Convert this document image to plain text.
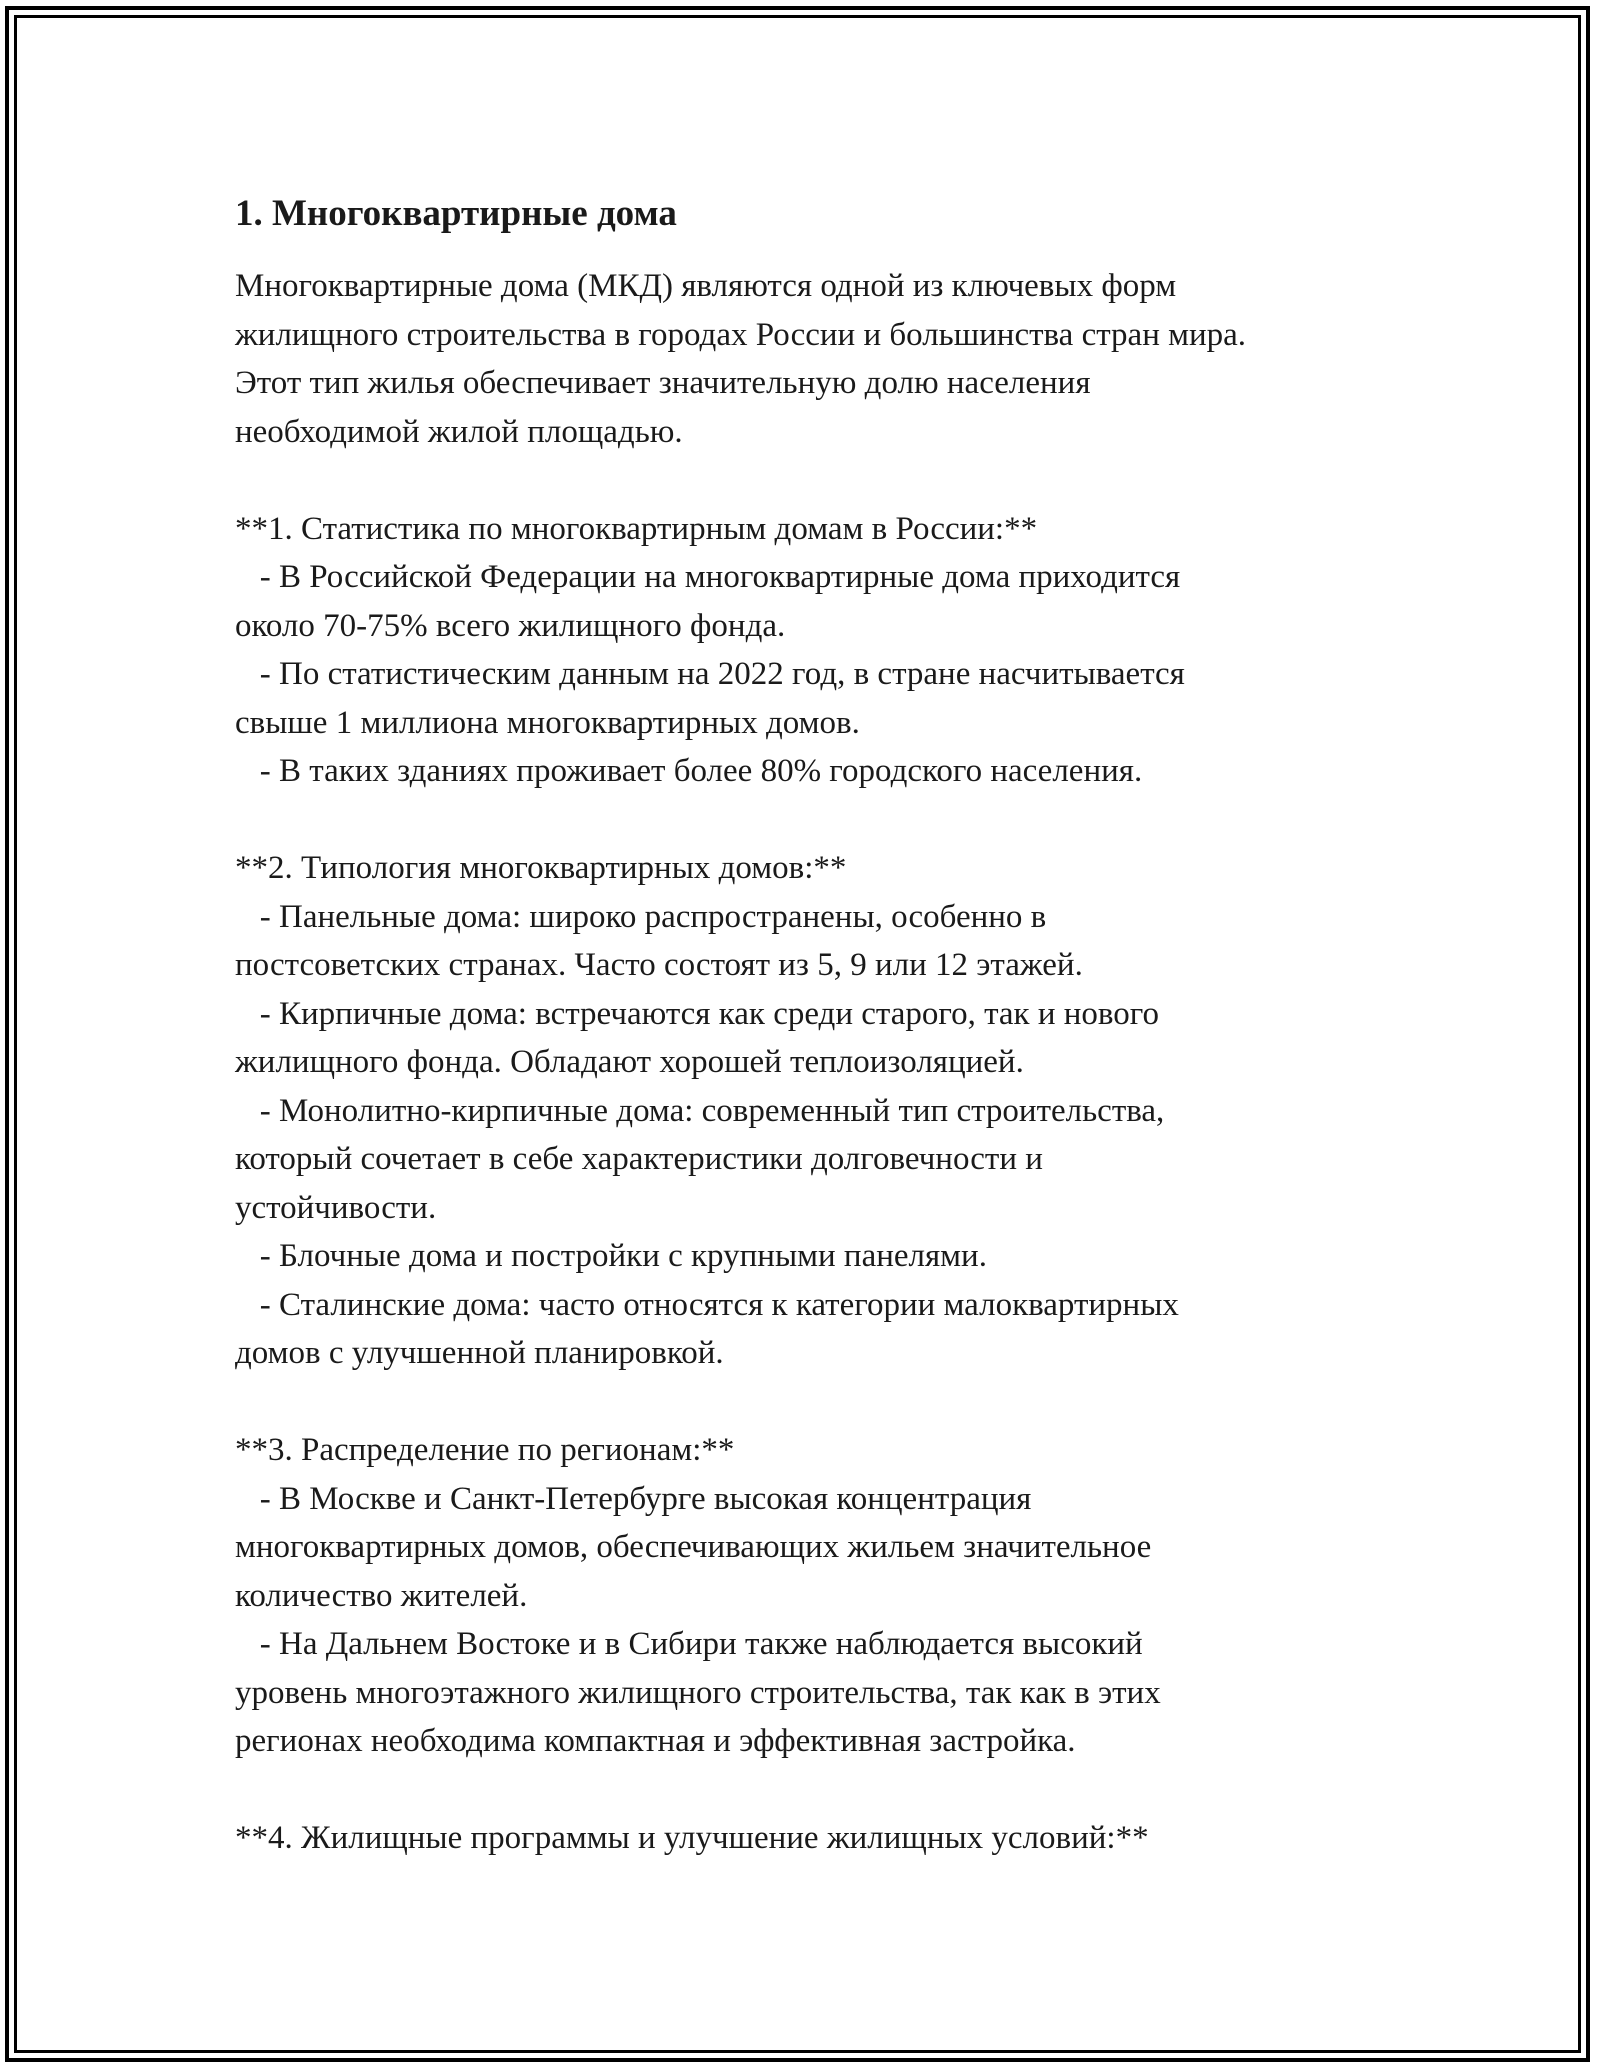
1. Многоквартирные дома
Многоквартирные дома (МКД) являются одной из ключевых форм
жилищного строительства в городах России и большинства стран мира.
Этот тип жилья обеспечивает значительную долю населения
необходимой жилой площадью.
**1. Статистика по многоквартирным домам в России:**
- В Российской Федерации на многоквартирные дома приходится
около 70-75% всего жилищного фонда.
- По статистическим данным на 2022 год, в стране насчитывается
свыше 1 миллиона многоквартирных домов.
- В таких зданиях проживает более 80% городского населения.
**2. Типология многоквартирных домов:**
- Панельные дома: широко распространены, особенно в
постсоветских странах. Часто состоят из 5, 9 или 12 этажей.
- Кирпичные дома: встречаются как среди старого, так и нового
жилищного фонда. Обладают хорошей теплоизоляцией.
- Монолитно-кирпичные дома: современный тип строительства,
который сочетает в себе характеристики долговечности и
устойчивости.
- Блочные дома и постройки с крупными панелями.
- Сталинские дома: часто относятся к категории малоквартирных
домов с улучшенной планировкой.
**3. Распределение по регионам:**
- В Москве и Санкт-Петербурге высокая концентрация
многоквартирных домов, обеспечивающих жильем значительное
количество жителей.
- На Дальнем Востоке и в Сибири также наблюдается высокий
уровень многоэтажного жилищного строительства, так как в этих
регионах необходима компактная и эффективная застройка.
**4. Жилищные программы и улучшение жилищных условий:**
